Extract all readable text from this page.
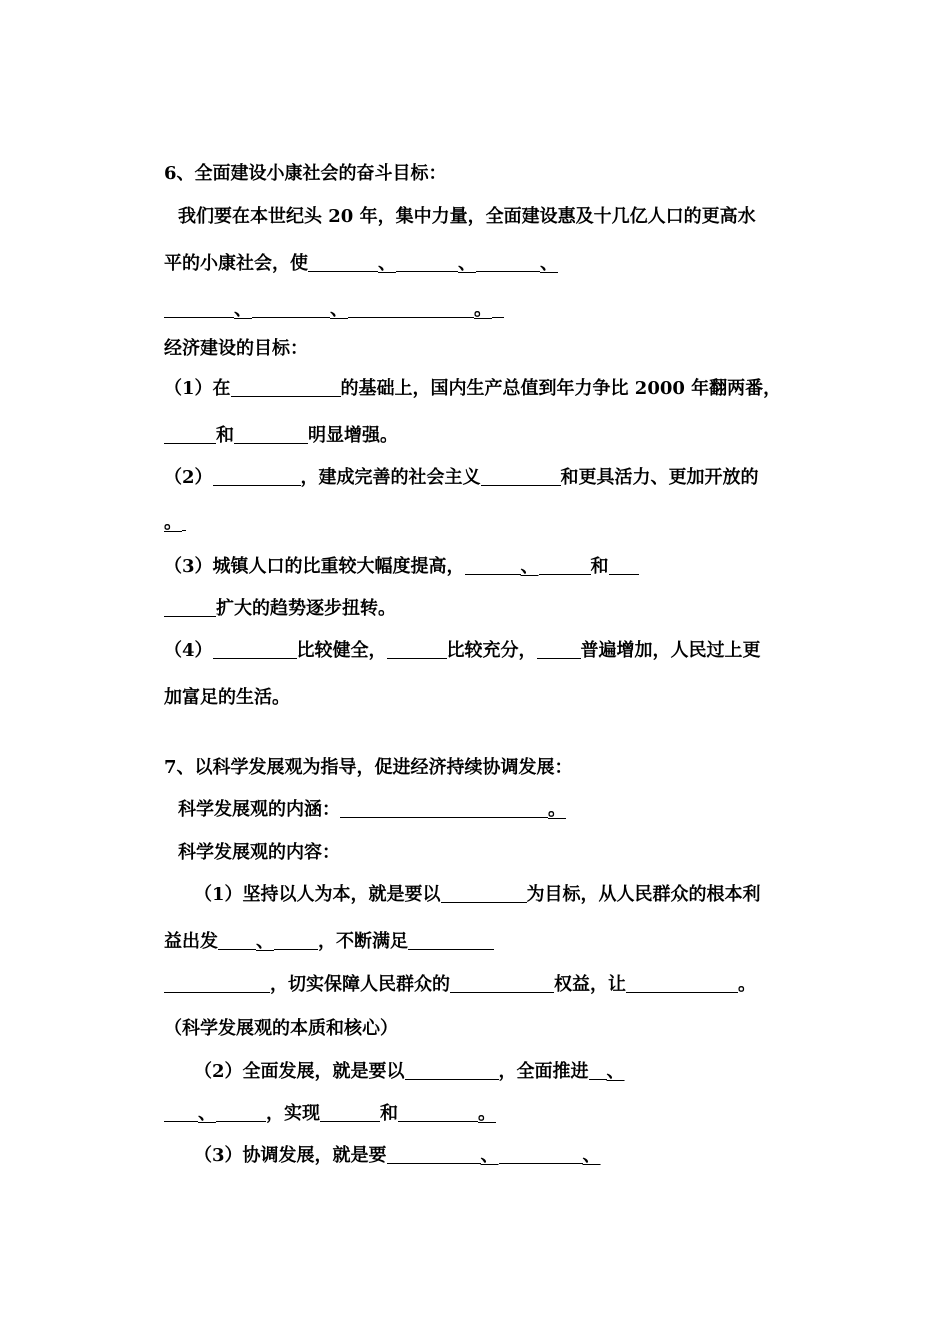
6、全面建设小康社会的奋斗目标：
我们要在本世纪头 20 年，集中力量，全面建设惠及十几亿人口的更高水
平的小康社会，使	、	、	、
、	、	。
经济建设的目标：
（1）在	的基础上，国内生产总值到年力争比 2000 年翻两番，
和	明显增强。
（2）	，建成完善的社会主义	和更具活力、更加开放的
。
（3）城镇人口的比重较大幅度提高，	、	和
扩大的趋势逐步扭转。
（4）	比较健全，	比较充分， 普遍增加，人民过上更
加富足的生活。
7、以科学发展观为指导，促进经济持续协调发展：
科学发展观的内涵：	。
科学发展观的内容：
（1）坚持以人为本，就是要以	为目标，从人民群众的根本利
益出发 、 ，不断满足
，切实保障人民群众的	权益，让	。
（科学发展观的本质和核心）
（2）全面发展，就是要以	，全面推进 、
、	，实现	和	。
（3）协调发展，就是要	、	、
